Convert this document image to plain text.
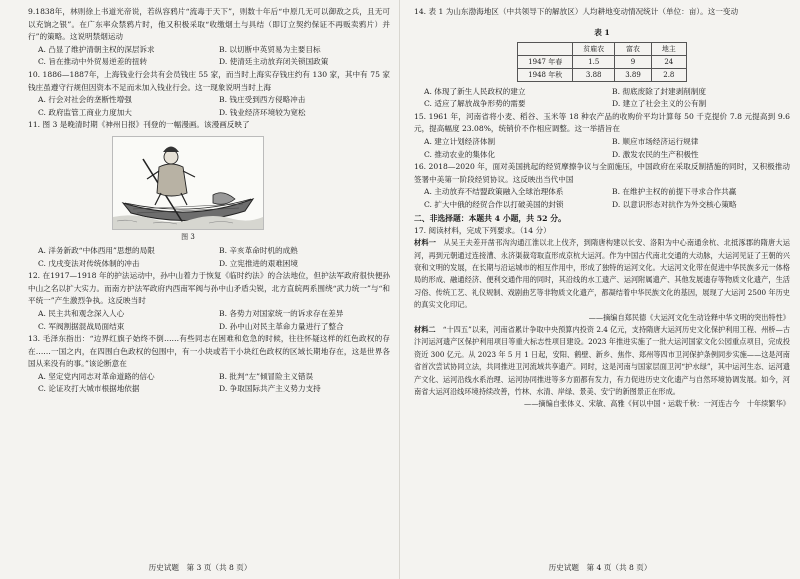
9.1838年，林则徐上书道光帝说，若纵容鸦片“流毒于天下”，则数十年后“中原几无可以御敌之兵，且无可以充饷之银”。在广东率众禁鸦片时，他又积极采取“收缴烟土与具结（即订立契约保证不再贩卖鸦片）并行”的策略。这说明禁烟运动

A. 凸显了维护清朝主权的深层诉求	B. 以切断中英贸易为主要目标
C. 旨在推动中外贸易逆差的扭转	D. 使清廷主动放弃闭关锁国政策

10. 1886—1887年，上海钱业行会共有会员钱庄 55 家，而当时上海实存钱庄约有 130 家，其中有 75 家钱庄虽遵守行规但因资本不足而未加入钱业行会。这一现象说明当时上海

A. 行会对社会的垄断性增强	B. 钱庄受到西方侵略冲击
C. 政府监管工商业力度加大	D. 钱业经济环境较为宽松

11. 图 3 是晚清时期《神州日报》刊登的一幅漫画。该漫画反映了

图 3
A. 洋务新政“中体西用”思想的局限	B. 辛亥革命时机的成熟
C. 戊戌变法对传统体制的冲击	D. 立宪推进的艰难困境

12. 在1917—1918 年的护法运动中，孙中山着力于恢复《临时约法》的合法地位，但护法军政府很快便孙中山之名以扩大实力。而南方护法军政府内西南军阀与孙中山矛盾尖锐，北方直皖两系围绕“武力统一”与“和平统一”产生激烈争执。这反映当时

A. 民主共和观念深入人心	B. 各势力对国家统一的诉求存在差异
C. 军阀割据混战局面结束	D. 孙中山对民主革命力量进行了整合

13. 毛泽东指出：“边界红旗子始终不倒……有些同志在困难和危急的时候，往往怀疑这样的红色政权的存在……一国之内，在四围白色政权的包围中，有一小块或若干小块红色政权的区域长期地存在，这是世界各国从来没有的事。”该论断意在

A. 坚定党内同志对革命道路的信心	B. 批判“左”倾冒险主义错误
C. 论证攻打大城市根据地依据	D. 争取国际共产主义势力支持
历史试题　第 3 页（共 8 页）

14. 表 1 为山东渤海地区（中共领导下的解放区）人均耕地变动情况统计（单位：亩）。这一变动

表 1
	贫雇农	富农	地主
1947 年春	1.5	9	24
1948 年秋	3.88	3.89	2.8
A. 体现了新生人民政权的建立	B. 彻底废除了封建剥削制度
C. 适应了解放战争形势的需要	D. 建立了社会主义的公有制

15. 1961 年，河南省将小麦、稻谷、玉米等 18 种农产品的收购价平均计算每 50 千克提价 7.8 元提高到 9.6 元，提高幅度 23.08%，统销价不作相应调整。这一举措旨在

A. 建立计划经济体制	B. 顺应市场经济运行规律
C. 推动农业的集体化	D. 激发农民的生产积极性

16. 2018—2020 年，面对美国挑起的经贸摩擦争议与全面施压，中国政府在采取反制措施的同时，又积极推动签署中美第一阶段经贸协议。这反映出当代中国

A. 主动放弃不结盟政策融入全球治理体系	B. 在维护主权的前提下寻求合作共赢
C. 扩大中俄的经贸合作以打破美国的封锁	D. 以意识形态对抗作为外交核心策略
二、非选择题：本题共 4 小题，共 52 分。

17. 阅读材料，完成下列要求。（14 分）

材料一　 从吴王夫差开凿邗沟沟通江淮以北上伐齐，到隋唐构建以长安、洛阳为中心南通余杭、北抵涿郡的隋唐大运河，再到元朝通过连接漕、永济渠裁弯取直形成京杭大运河。作为中国古代南北交通的大动脉，大运河见证了王朝的兴衰和文明的发展，在长期与沿运城市的相互作用中，形成了独特的运河文化。大运河文化带在促进中华民族多元一体格局的形成、融通经济、便利交通作用的同时，其沿线的水工遗产、运河附属遗产、其他发展遗存等物质文化遗产，生活习俗、传统工艺、礼仪规制、戏剧曲艺等非物质文化遗产，都凝结着中华民族文化的基因，展现了大运河 2500 年历史的真实文化印记。

——摘编自郑民德《大运河文化生动诠释中华文明的突出特性》

材料二　 “十四五”以来，河南省累计争取中央预算内投资 2.4 亿元，支持隋唐大运河历史文化保护利用工程、州桥—古汴河运河遗产区保护利用项目等重大标志性项目建设。2023 年推进实施了一批大运河国家文化公园重点项目，完成投资近 300 亿元。从 2023 年 5 月 1 日起，安阳、鹤壁、新乡、焦作、郑州等四市卫河保护条例同步实施——这是河南省首次尝试协同立法，共同推进卫河流域共享遗产。同时，这是河南与国家层面卫河“护水绿”，其中运河生态、运河遗产文化、运河沿线水系治理、运河协同推进等多方面都有发力，有力促进历史文化遗产与自然环境协调发展。如今，河南省大运河沿线环境持续改善，竹林、水清、岸绿、景美、安宁的新图景正在形成。

——摘编自张体义、宋敏、高雅《何以中国・运载千秋：一河连古今　十年续繁华》

历史试题　第 4 页（共 8 页）
